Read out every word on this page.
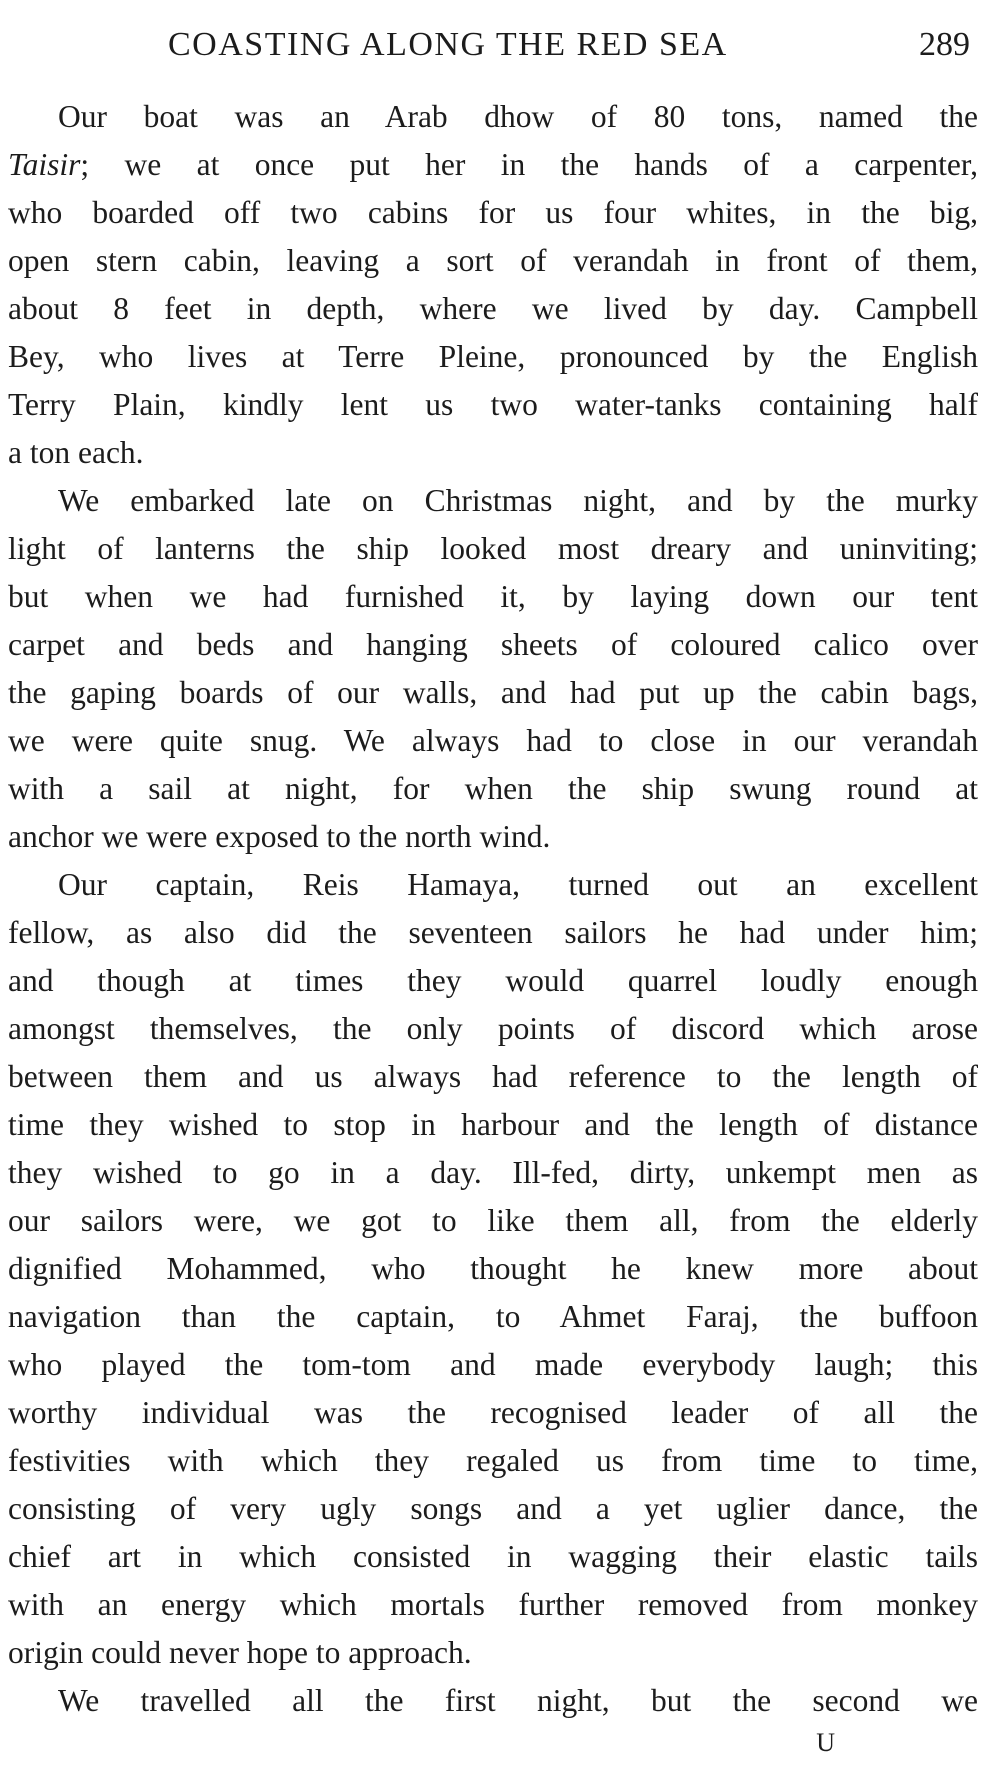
COASTING ALONG THE RED SEA	289
Our boat was an Arab dhow of 80 tons, named the
Taisir; we at once put her in the hands of a carpenter,
who boarded off two cabins for us four whites, in the big,
open stern cabin, leaving a sort of verandah in front of them,
about 8 feet in depth, where we lived by day. Campbell
Bey, who lives at Terre Pleine, pronounced by the English
Terry Plain, kindly lent us two water-tanks containing half
a ton each.
We embarked late on Christmas night, and by the murky
light of lanterns the ship looked most dreary and uninviting;
but when we had furnished it, by laying down our tent
carpet and beds and hanging sheets of coloured calico over
the gaping boards of our walls, and had put up the cabin bags,
we were quite snug. We always had to close in our verandah
with a sail at night, for when the ship swung round at
anchor we were exposed to the north wind.
Our captain, Reis Hamaya, turned out an excellent
fellow, as also did the seventeen sailors he had under him;
and though at times they would quarrel loudly enough
amongst themselves, the only points of discord which arose
between them and us always had reference to the length of
time they wished to stop in harbour and the length of distance
they wished to go in a day. Ill-fed, dirty, unkempt men as
our sailors were, we got to like them all, from the elderly
dignified Mohammed, who thought he knew more about
navigation than the captain, to Ahmet Faraj, the buffoon
who played the tom-tom and made everybody laugh; this
worthy individual was the recognised leader of all the
festivities with which they regaled us from time to time,
consisting of very ugly songs and a yet uglier dance, the
chief art in which consisted in wagging their elastic tails
with an energy which mortals further removed from monkey
origin could never hope to approach.
We travelled all the first night, but the second we
U
